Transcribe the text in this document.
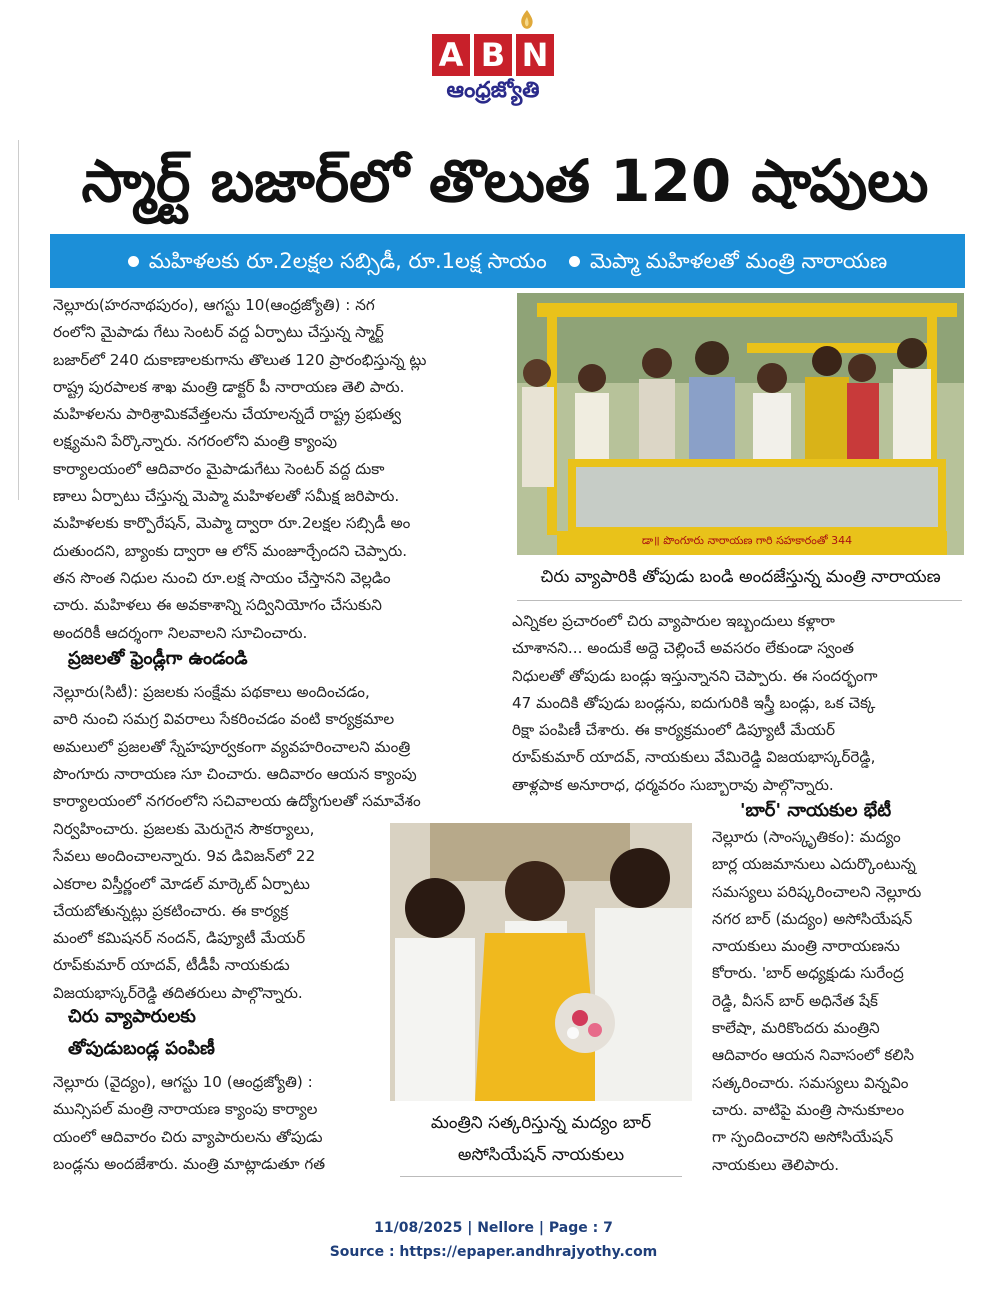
A B N
ఆంధ్రజ్యోతి
స్మార్ట్ బజార్‌లో తొలుత 120 షాపులు
మహిళలకు రూ.2లక్షల సబ్సిడీ, రూ.1లక్ష సాయం మెప్మా మహిళలతో మంత్రి నారాయణ

నెల్లూరు(హరనాథపురం), ఆగస్టు 10(ఆంధ్రజ్యోతి) : నగ

రంలోని మైపాడు గేటు సెంటర్ వద్ద ఏర్పాటు చేస్తున్న స్మార్ట్

బజార్‌లో 240 దుకాణాలకుగాను తొలుత 120 ప్రారంభిస్తున్న ట్లు

రాష్ట్ర పురపాలక శాఖ మంత్రి డాక్టర్ పీ నారాయణ తెలి పారు.

మహిళలను పారిశ్రామికవేత్తలను చేయాలన్నదే రాష్ట్ర ప్రభుత్వ

లక్ష్యమని పేర్కొన్నారు. నగరంలోని మంత్రి క్యాంపు

కార్యాలయంలో ఆదివారం మైపాడుగేటు సెంటర్ వద్ద దుకా

ణాలు ఏర్పాటు చేస్తున్న మెప్మా మహిళలతో సమీక్ష జరిపారు.

మహిళలకు కార్పొరేషన్, మెప్మా ద్వారా రూ.2లక్షల సబ్సిడీ అం

దుతుందని, బ్యాంకు ద్వారా ఆ లోన్ మంజూర్చేందని చెప్పారు.

తన సొంత నిధుల నుంచి రూ.లక్ష సాయం చేస్తానని వెల్లడిం

చారు. మహిళలు ఈ అవకాశాన్ని సద్వినియోగం చేసుకుని

అందరికీ ఆదర్శంగా నిలవాలని సూచించారు.

ప్రజలతో ఫ్రెండ్లీగా ఉండండి

నెల్లూరు(సిటీ): ప్రజలకు సంక్షేమ పథకాలు అందించడం,

వారి నుంచి సమగ్ర వివరాలు సేకరించడం వంటి కార్యక్రమాల

అమలులో ప్రజలతో స్నేహపూర్వకంగా వ్యవహరించాలని మంత్రి

పొంగూరు నారాయణ సూ చించారు. ఆదివారం ఆయన క్యాంపు

కార్యాలయంలో నగరంలోని సచివాలయ ఉద్యోగులతో సమావేశం

నిర్వహించారు. ప్రజలకు మెరుగైన సౌకర్యాలు,

సేవలు అందించాలన్నారు. 9వ డివిజన్‌లో 22

ఎకరాల విస్తీర్ణంలో మోడల్ మార్కెట్ ఏర్పాటు

చేయబోతున్నట్లు ప్రకటించారు. ఈ కార్యక్ర

మంలో కమిషనర్ నందన్, డిప్యూటీ మేయర్

రూప్‌కుమార్ యాదవ్, టీడీపీ నాయకుడు

విజయభాస్కర్‌రెడ్డి తదితరులు పాల్గొన్నారు.

చిరు వ్యాపారులకు
తోపుడుబండ్ల పంపిణీ

నెల్లూరు (వైద్యం), ఆగస్టు 10 (ఆంధ్రజ్యోతి) :

మున్సిపల్ మంత్రి నారాయణ క్యాంపు కార్యాల

యంలో ఆదివారం చిరు వ్యాపారులను తోపుడు

బండ్లను అందజేశారు. మంత్రి మాట్లాడుతూ గత

డా॥ పొంగూరు నారాయణ గారి సహకారంతో 344
చిరు వ్యాపారికి తోపుడు బండి అందజేస్తున్న మంత్రి నారాయణ

ఎన్నికల ప్రచారంలో చిరు వ్యాపారుల ఇబ్బందులు కళ్లారా

చూశానని... అందుకే అద్దె చెల్లించే అవసరం లేకుండా స్వంత

నిధులతో తోపుడు బండ్లు ఇస్తున్నానని చెప్పారు. ఈ సందర్భంగా

47 మందికి తోపుడు బండ్లను, ఐదుగురికి ఇస్త్రీ బండ్లు, ఒక చెక్క

రిక్షా పంపిణీ చేశారు. ఈ కార్యక్రమంలో డిప్యూటీ మేయర్

రూప్‌కుమార్ యాదవ్, నాయకులు వేమిరెడ్డి విజయభాస్కర్‌రెడ్డి,

తాళ్లపాక అనూరాధ, ధర్మవరం సుబ్బారావు పాల్గొన్నారు.

'బార్' నాయకుల భేటీ

నెల్లూరు (సాంస్కృతికం): మద్యం

బార్ల యజమానులు ఎదుర్కొంటున్న

సమస్యలు పరిష్కరించాలని నెల్లూరు

నగర బార్ (మద్యం) అసోసియేషన్

నాయకులు మంత్రి నారాయణను

కోరారు. 'బార్ అధ్యక్షుడు సురేంద్ర

రెడ్డి, వీసన్ బార్ అధినేత షేక్

కాలేషా, మరికొందరు మంత్రిని

ఆదివారం ఆయన నివాసంలో కలిసి

సత్కరించారు. సమస్యలు విన్నవిం

చారు. వాటిపై మంత్రి సానుకూలం

గా స్పందించారని అసోసియేషన్

నాయకులు తెలిపారు.

మంత్రిని సత్కరిస్తున్న మద్యం బార్
అసోసియేషన్ నాయకులు
11/08/2025 | Nellore | Page : 7
Source : https://epaper.andhrajyothy.com
